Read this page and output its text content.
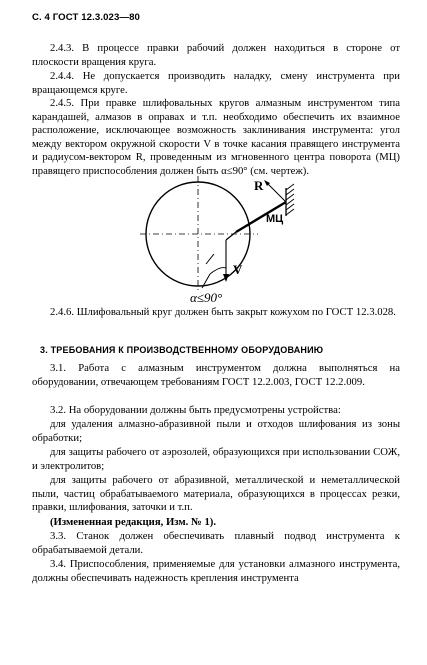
С. 4 ГОСТ 12.3.023—80

2.4.3. В процессе правки рабочий должен находиться в стороне от плоскости вращения круга.

2.4.4. Не допускается производить наладку, смену инструмента при вращающемся круге.

2.4.5. При правке шлифовальных кругов алмазным инструментом типа карандашей, алмазов в оправах и т.п. необходимо обеспечить их взаимное расположение, исключающее возможность заклинивания инструмента: угол между вектором окружной скорости V в точке касания правящего инструмента и радиусом-вектором R, проведенным из мгновенного центра поворота (МЦ) правящего приспособления должен быть α≤90° (см. чертеж).

R
V
МЦ
α≤90°

2.4.6. Шлифовальный круг должен быть закрыт кожухом по ГОСТ 12.3.028.

3. ТРЕБОВАНИЯ К ПРОИЗВОДСТВЕННОМУ ОБОРУДОВАНИЮ

3.1. Работа с алмазным инструментом должна выполняться на оборудовании, отвечающем требованиям ГОСТ 12.2.003, ГОСТ 12.2.009.

3.2. На оборудовании должны быть предусмотрены устройства:

для удаления алмазно-абразивной пыли и отходов шлифования из зоны обработки;

для защиты рабочего от аэрозолей, образующихся при использовании СОЖ, и электролитов;

для защиты рабочего от абразивной, металлической и неметаллической пыли, частиц обрабатываемого материала, образующихся в процессах резки, правки, шлифования, заточки и т.п.

(Измененная редакция, Изм. № 1).

3.3. Станок должен обеспечивать плавный подвод инструмента к обрабатываемой детали.

3.4. Приспособления, применяемые для установки алмазного инструмента, должны обеспечивать надежность крепления инструмента
